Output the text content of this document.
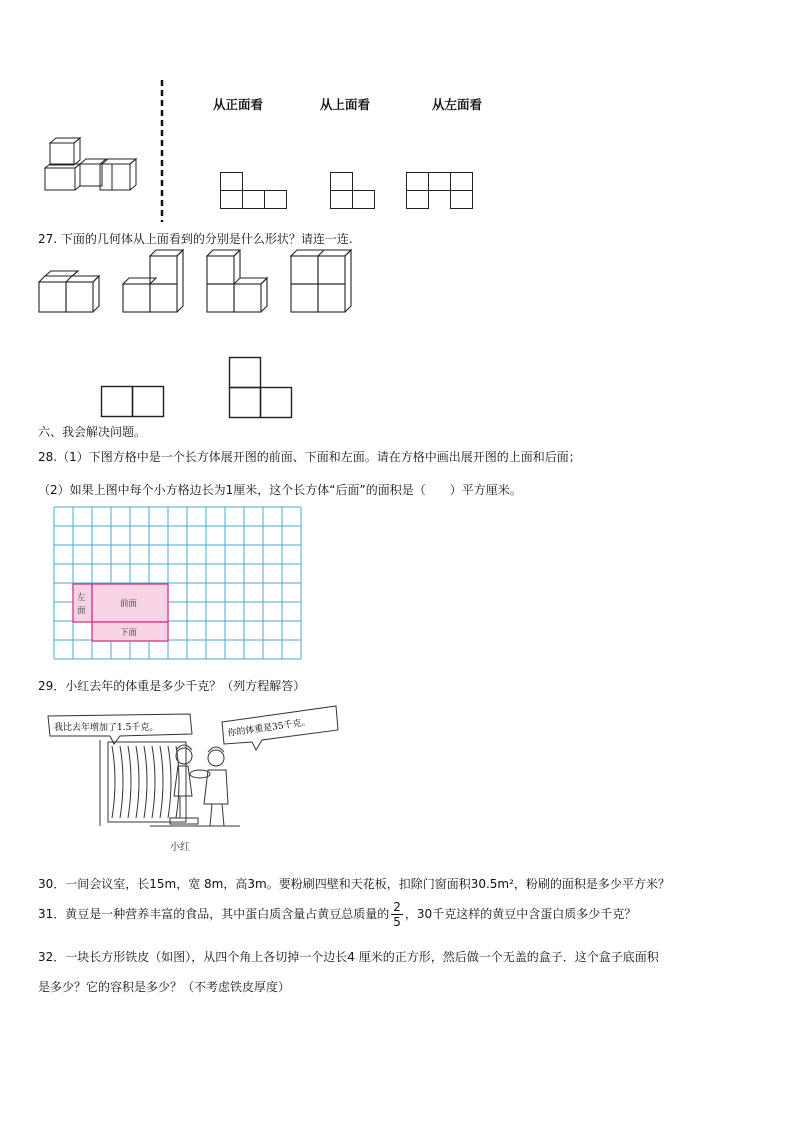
从正面看	从上面看	从左面看
27. 下面的几何体从上面看到的分别是什么形状？请连一连.
六、我会解决问题。
28.（1）下图方格中是一个长方体展开图的前面、下面和左面。请在方格中画出展开图的上面和后面；
（2）如果上图中每个小方格边长为1厘米，这个长方体“后面”的面积是（　　）平方厘米。
左
面
前面
下面
29．小红去年的体重是多少千克？（列方程解答）
我比去年增加了1.5千克。	你的体重是35千克。
小红
30．一间会议室，长15m，宽 8m，高3m。要粉刷四壁和天花板，扣除门窗面积30.5m²，粉刷的面积是多少平方米？
31．黄豆是一种营养丰富的食品，其中蛋白质含量占黄豆总质量的 $\frac{2}{5}$ ，30千克这样的黄豆中含蛋白质多少千克？
32．一块长方形铁皮（如图），从四个角上各切掉一个边长4 厘米的正方形，然后做一个无盖的盒子．这个盒子底面积
是多少？它的容积是多少？（不考虑铁皮厚度）
